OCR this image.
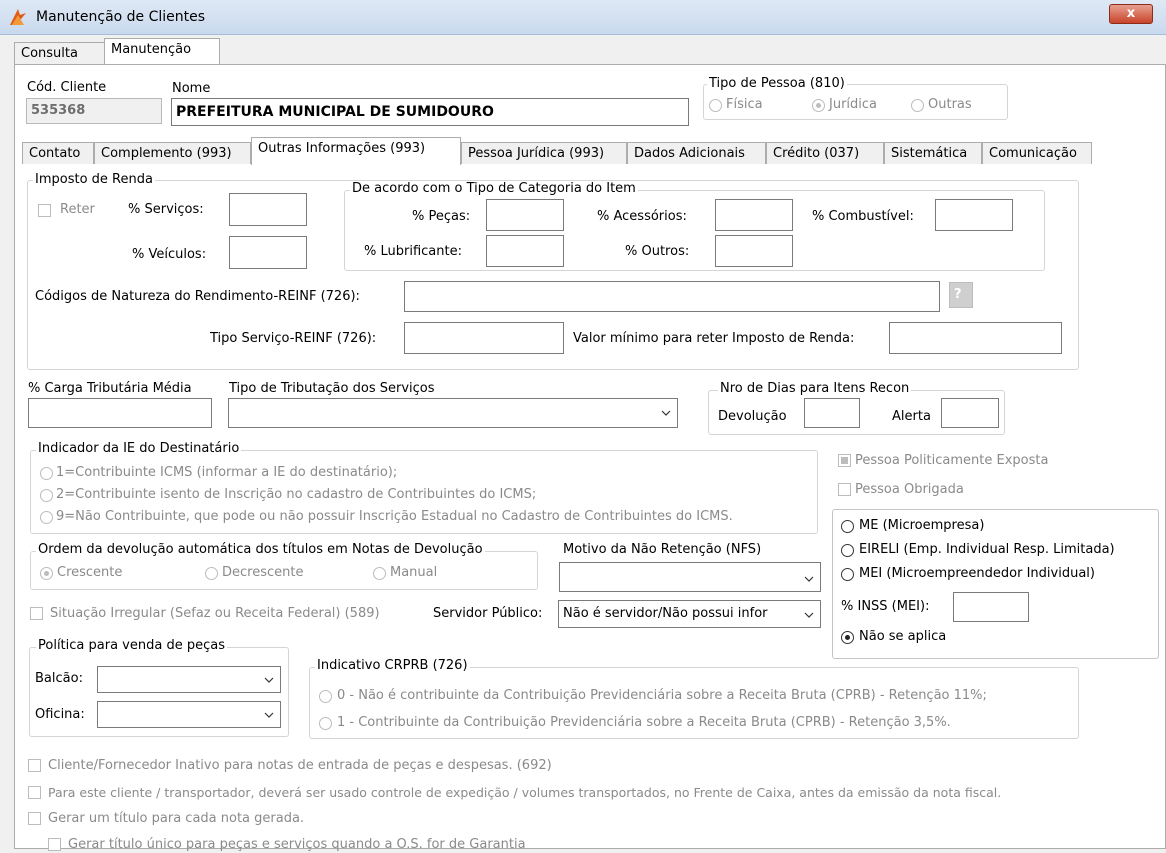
Manutenção de Clientes	x
Consulta	Manutenção
Cód. Cliente
535368
Nome
PREFEITURA MUNICIPAL DE SUMIDOURO
Tipo de Pessoa (810)
Física	Jurídica	Outras
Contato	Complemento (993)	Outras Informações (993)	Pessoa Jurídica (993)	Dados Adicionais	Crédito (037)	Sistemática	Comunicação
Imposto de Renda
Reter	% Serviços:
% Veículos:
De acordo com o Tipo de Categoria do Item
% Peças:	% Acessórios:	% Combustível:
% Lubrificante:	% Outros:
Códigos de Natureza do Rendimento-REINF (726):	?
Tipo Serviço-REINF (726):	Valor mínimo para reter Imposto de Renda:
% Carga Tributária Média	Tipo de Tributação dos Serviços	Nro de Dias para Itens Recon
Devolução	Alerta
Indicador da IE do Destinatário
1=Contribuinte ICMS (informar a IE do destinatário);
2=Contribuinte isento de Inscrição no cadastro de Contribuintes do ICMS;
9=Não Contribuinte, que pode ou não possuir Inscrição Estadual no Cadastro de Contribuintes do ICMS.
Pessoa Politicamente Exposta
Pessoa Obrigada
ME (Microempresa)
EIRELI (Emp. Individual Resp. Limitada)
MEI (Microempreendedor Individual)
% INSS (MEI):
Não se aplica
Ordem da devolução automática dos títulos em Notas de Devolução
Crescente	Decrescente	Manual
Motivo da Não Retenção (NFS)
Situação Irregular (Sefaz ou Receita Federal) (589)	Servidor Público:	Não é servidor/Não possui infor
Política para venda de peças
Balcão:
Oficina:
Indicativo CRPRB (726)
0 - Não é contribuinte da Contribuição Previdenciária sobre a Receita Bruta (CPRB) - Retenção 11%;
1 - Contribuinte da Contribuição Previdenciária sobre a Receita Bruta (CPRB) - Retenção 3,5%.
Cliente/Fornecedor Inativo para notas de entrada de peças e despesas. (692)
Para este cliente / transportador, deverá ser usado controle de expedição / volumes transportados, no Frente de Caixa, antes da emissão da nota fiscal.
Gerar um título para cada nota gerada.
Gerar título único para peças e serviços quando a O.S. for de Garantia
